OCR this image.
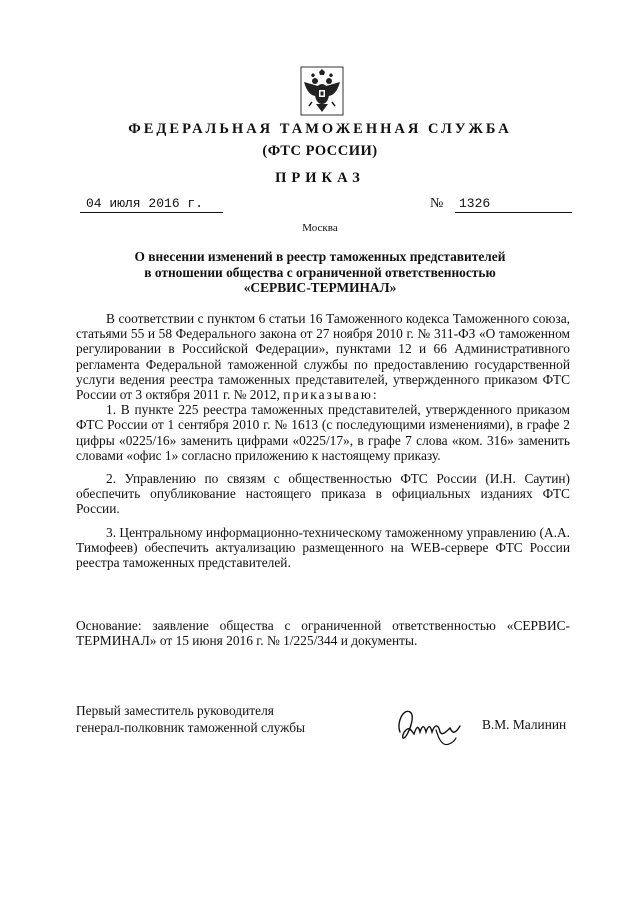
ФЕДЕРАЛЬНАЯ ТАМОЖЕННАЯ СЛУЖБА
(ФТС РОССИИ)
ПРИКАЗ
04 июля 2016 г.	№	1326
Москва
О внесении изменений в реестр таможенных представителей
в отношении общества с ограниченной ответственностью
«СЕРВИС-ТЕРМИНАЛ»
В соответствии с пунктом 6 статьи 16 Таможенного кодекса Таможенного союза, статьями 55 и 58 Федерального закона от 27 ноября 2010 г. № 311-ФЗ «О таможенном регулировании в Российской Федерации», пунктами 12 и 66 Административного регламента Федеральной таможенной службы по предоставлению государственной услуги ведения реестра таможенных представителей, утвержденного приказом ФТС России от 3 октября 2011 г. № 2012, приказываю:
1. В пункте 225 реестра таможенных представителей, утвержденного приказом ФТС России от 1 сентября 2010 г. № 1613 (с последующими изменениями), в графе 2 цифры «0225/16» заменить цифрами «0225/17», в графе 7 слова «ком. 316» заменить словами «офис 1» согласно приложению к настоящему приказу.
2. Управлению по связям с общественностью ФТС России (И.Н. Саутин) обеспечить опубликование настоящего приказа в официальных изданиях ФТС России.
3. Центральному информационно-техническому таможенному управлению (А.А. Тимофеев) обеспечить актуализацию размещенного на WEB-сервере ФТС России реестра таможенных представителей.
Основание: заявление общества с ограниченной ответственностью «СЕРВИС-ТЕРМИНАЛ» от 15 июня 2016 г. № 1/225/344 и документы.
Первый заместитель руководителя
генерал-полковник таможенной службы	В.М. Малинин
